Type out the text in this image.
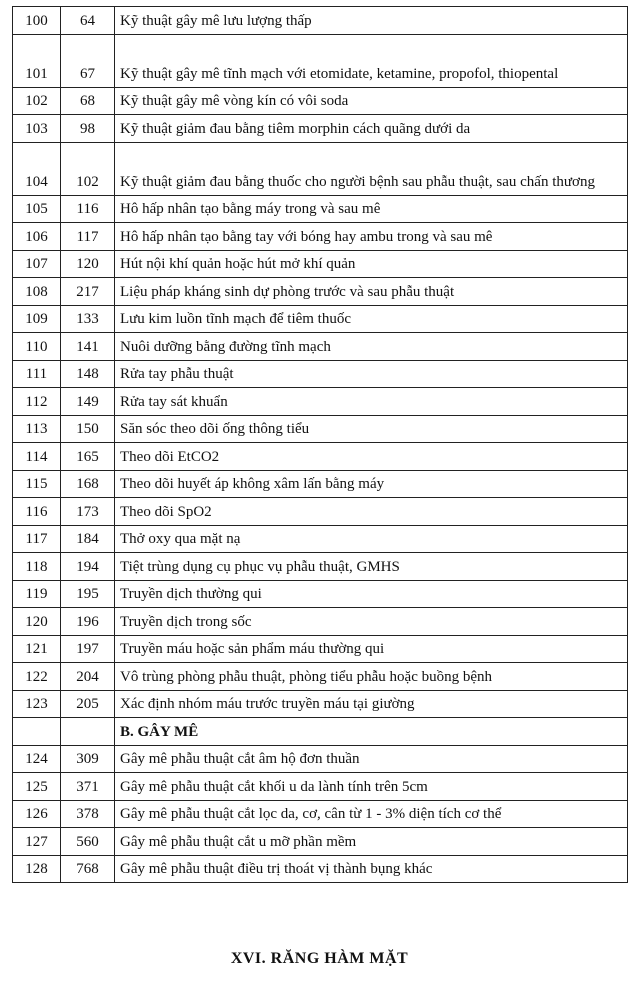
100	64	Kỹ thuật gây mê lưu lượng thấp
101	67	Kỹ thuật gây mê tĩnh mạch với etomidate, ketamine, propofol, thiopental
102	68	Kỹ thuật gây mê vòng kín có vôi soda
103	98	Kỹ thuật giảm đau bằng tiêm morphin cách quãng dưới da
104	102	Kỹ thuật giảm đau bằng thuốc cho người bệnh sau phẫu thuật, sau chấn thương
105	116	Hô hấp nhân tạo bằng máy trong và sau mê
106	117	Hô hấp nhân tạo bằng tay với bóng hay ambu trong và sau mê
107	120	Hút nội khí quản hoặc hút mở khí quản
108	217	Liệu pháp kháng sinh dự phòng trước và sau phẫu thuật
109	133	Lưu kim luồn tĩnh mạch để tiêm thuốc
110	141	Nuôi dưỡng bằng đường tĩnh mạch
111	148	Rửa tay phẫu thuật
112	149	Rửa tay sát khuẩn
113	150	Săn sóc theo dõi ống thông tiểu
114	165	Theo dõi EtCO2
115	168	Theo dõi huyết áp không xâm lấn bằng máy
116	173	Theo dõi SpO2
117	184	Thở oxy qua mặt nạ
118	194	Tiệt trùng dụng cụ phục vụ phẫu thuật, GMHS
119	195	Truyền dịch thường qui
120	196	Truyền dịch trong sốc
121	197	Truyền máu hoặc sản phẩm máu thường qui
122	204	Vô trùng phòng phẫu thuật, phòng tiểu phẫu hoặc buồng bệnh
123	205	Xác định nhóm máu trước truyền máu tại giường
		B. GÂY MÊ
124	309	Gây mê phẫu thuật cắt âm hộ đơn thuần
125	371	Gây mê phẫu thuật cắt khối u da lành tính trên 5cm
126	378	Gây mê phẫu thuật cắt lọc da, cơ, cân từ 1 - 3% diện tích cơ thể
127	560	Gây mê phẫu thuật cắt u mỡ phần mềm
128	768	Gây mê phẫu thuật điều trị thoát vị thành bụng khác
XVI. RĂNG HÀM MẶT
